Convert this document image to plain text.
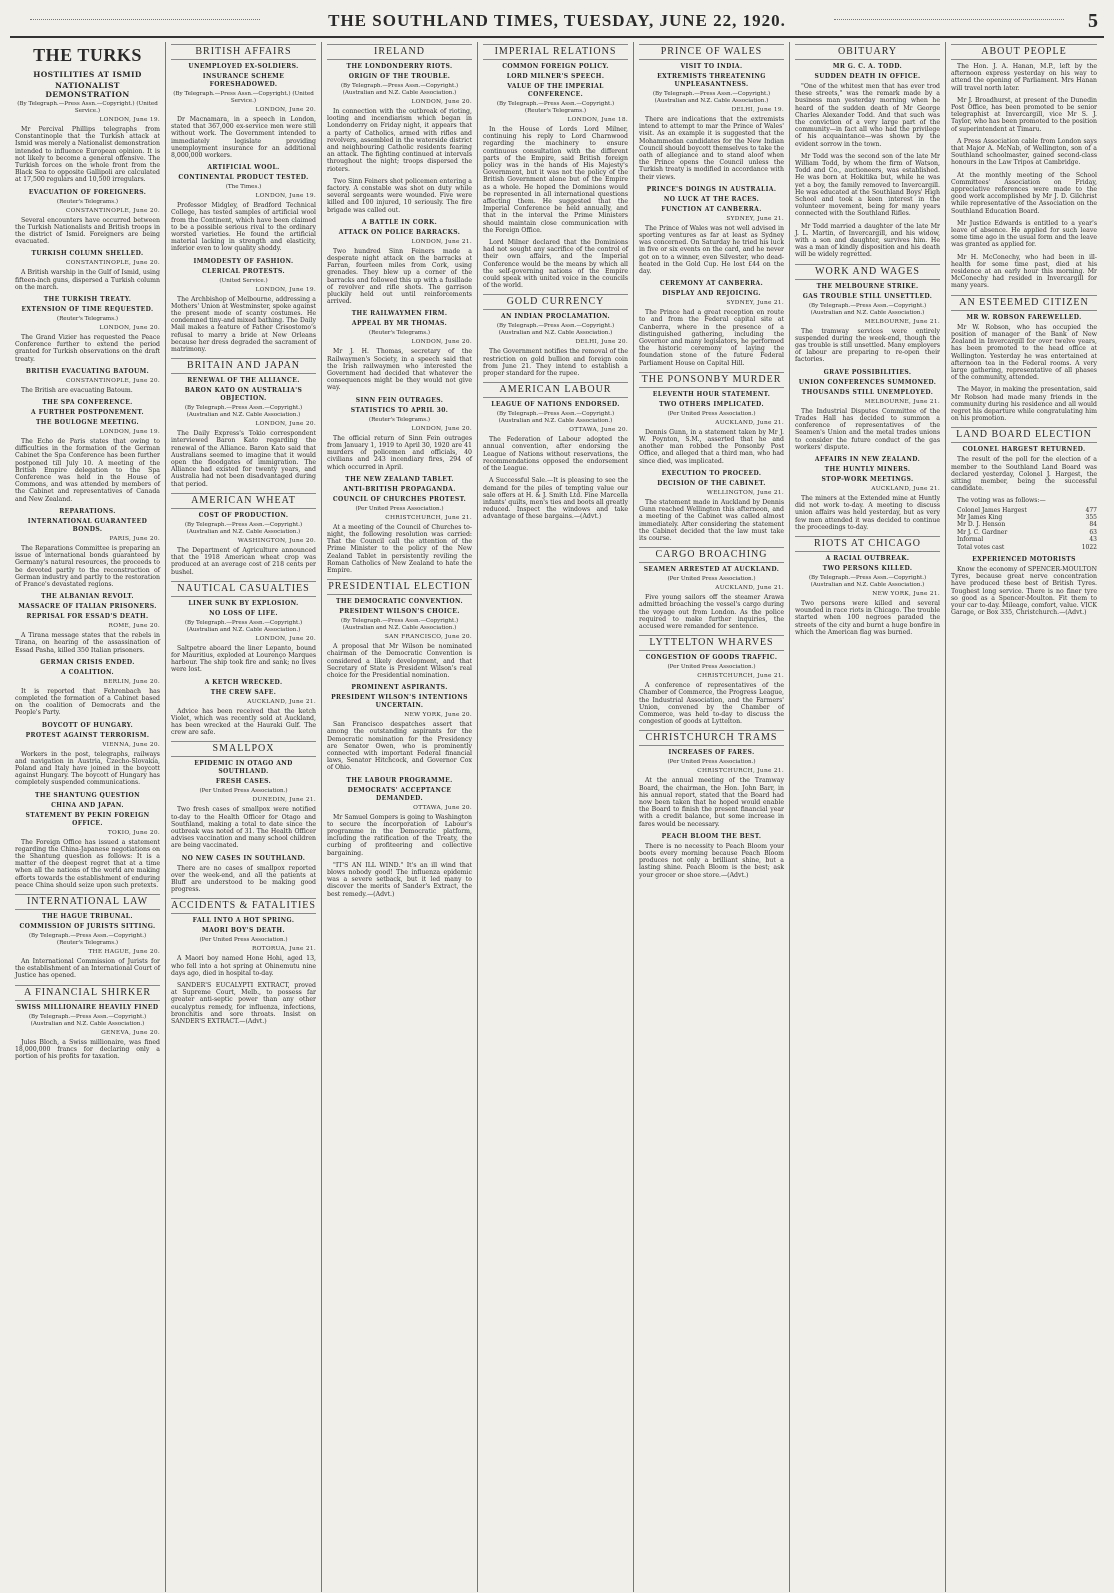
THE SOUTHLAND TIMES, TUESDAY, JUNE 22, 1920.	5
THE TURKS
HOSTILITIES AT ISMID
NATIONALIST DEMONSTRATION
(By Telegraph.—Press Assn.—Copyright.) (United Service.)
LONDON, June 19.

Mr Percival Phillips telegraphs from Constantinople that the Turkish attack at Ismid was merely a Nationalist demonstration intended to influence European opinion. It is not likely to become a general offensive. The Turkish forces on the whole front from the Black Sea to opposite Gallipoli are calculated at 17,500 regulars and 10,500 irregulars.

EVACUATION OF FOREIGNERS.
(Reuter's Telegrams.)
CONSTANTINOPLE, June 20.

Several encounters have occurred between the Turkish Nationalists and British troops in the district of Ismid. Foreigners are being evacuated.

TURKISH COLUMN SHELLED.
CONSTANTINOPLE, June 20.

A British warship in the Gulf of Ismid, using fifteen-inch guns, dispersed a Turkish column on the march.

THE TURKISH TREATY.
EXTENSION OF TIME REQUESTED.
(Reuter's Telegrams.)
LONDON, June 20.

The Grand Vizier has requested the Peace Conference further to extend the period granted for Turkish observations on the draft treaty.

BRITISH EVACUATING BATOUM.
CONSTANTINOPLE, June 20.

The British are evacuating Batoum.

THE SPA CONFERENCE.
A FURTHER POSTPONEMENT.
THE BOULOGNE MEETING.
LONDON, June 19.

The Echo de Paris states that owing to difficulties in the formation of the German Cabinet the Spa Conference has been further postponed till July 10. A meeting of the British Empire delegation to the Spa Conference was held in the House of Commons, and was attended by members of the Cabinet and representatives of Canada and New Zealand.

REPARATIONS.
INTERNATIONAL GUARANTEED BONDS.
PARIS, June 20.

The Reparations Committee is preparing an issue of international bonds guaranteed by Germany's natural resources, the proceeds to be devoted partly to the reconstruction of German industry and partly to the restoration of France's devastated regions.

THE ALBANIAN REVOLT.
MASSACRE OF ITALIAN PRISONERS.
REPRISAL FOR ESSAD'S DEATH.
ROME, June 20.

A Tirana message states that the rebels in Tirana, on hearing of the assassination of Essad Pasha, killed 350 Italian prisoners.

GERMAN CRISIS ENDED.
A COALITION.
BERLIN, June 20.

It is reported that Fehrenbach has completed the formation of a Cabinet based on the coalition of Democrats and the People's Party.

BOYCOTT OF HUNGARY.
PROTEST AGAINST TERRORISM.
VIENNA, June 20.

Workers in the post, telegraphs, railways and navigation in Austria, Czecho-Slovakia, Poland and Italy have joined in the boycott against Hungary. The boycott of Hungary has completely suspended communications.

THE SHANTUNG QUESTION
CHINA AND JAPAN.
STATEMENT BY PEKIN FOREIGN OFFICE.
TOKIO, June 20.

The Foreign Office has issued a statement regarding the China-Japanese negotiations on the Shantung question as follows: It is a matter of the deepest regret that at a time when all the nations of the world are making efforts towards the establishment of enduring peace China should seize upon such pretexts.

INTERNATIONAL LAW
THE HAGUE TRIBUNAL.
COMMISSION OF JURISTS SITTING.
(By Telegraph.—Press Assn.—Copyright.) (Reuter's Telegrams.)
THE HAGUE, June 20.

An International Commission of Jurists for the establishment of an International Court of Justice has opened.

A FINANCIAL SHIRKER
SWISS MILLIONAIRE HEAVILY FINED
(By Telegraph.—Press Assn.—Copyright.) (Australian and N.Z. Cable Association.)
GENEVA, June 20.

Jules Bloch, a Swiss millionaire, was fined 18,000,000 francs for declaring only a portion of his profits for taxation.

BRITISH AFFAIRS
UNEMPLOYED EX-SOLDIERS.
INSURANCE SCHEME FORESHADOWED.
(By Telegraph.—Press Assn.—Copyright.) (United Service.)
LONDON, June 20.

Dr Macnamara, in a speech in London, stated that 367,000 ex-service men were still without work. The Government intended to immediately legislate providing unemployment insurance for an additional 8,000,000 workers.

ARTIFICIAL WOOL.
CONTINENTAL PRODUCT TESTED.
(The Times.)
LONDON, June 19.

Professor Midgley, of Bradford Technical College, has tested samples of artificial wool from the Continent, which have been claimed to be a possible serious rival to the ordinary worsted varieties. He found the artificial material lacking in strength and elasticity, inferior even to low quality shoddy.

IMMODESTY OF FASHION.
CLERICAL PROTESTS.
(United Service.)
LONDON, June 19.

The Archbishop of Melbourne, addressing a Mothers' Union at Westminster, spoke against the present mode of scanty costumes. He condemned tiny-and mixed bathing. The Daily Mail makes a feature of Father Crisostomo's refusal to marry a bride at New Orleans because her dress degraded the sacrament of matrimony.

BRITAIN AND JAPAN
RENEWAL OF THE ALLIANCE.
BARON KATO ON AUSTRALIA'S OBJECTION.
(By Telegraph.—Press Assn.—Copyright.) (Australian and N.Z. Cable Association.)
LONDON, June 20.

The Daily Express's Tokio correspondent interviewed Baron Kato regarding the renewal of the Alliance. Baron Kato said that Australians seemed to imagine that it would open the floodgates of immigration. The Alliance had existed for twenty years, and Australia had not been disadvantaged during that period.

AMERICAN WHEAT
COST OF PRODUCTION.
(By Telegraph.—Press Assn.—Copyright.) (Australian and N.Z. Cable Association.)
WASHINGTON, June 20.

The Department of Agriculture announced that the 1918 American wheat crop was produced at an average cost of 218 cents per bushel.

NAUTICAL CASUALTIES
LINER SUNK BY EXPLOSION.
NO LOSS OF LIFE.
(By Telegraph.—Press Assn.—Copyright.) (Australian and N.Z. Cable Association.)
LONDON, June 20.

Saltpetre aboard the liner Lepanto, bound for Mauritius, exploded at Lourenço Marques harbour. The ship took fire and sank; no lives were lost.

A KETCH WRECKED.
THE CREW SAFE.
AUCKLAND, June 21.

Advice has been received that the ketch Violet, which was recently sold at Auckland, has been wrecked at the Hauraki Gulf. The crew are safe.

SMALLPOX
EPIDEMIC IN OTAGO AND SOUTHLAND.
FRESH CASES.
(Per United Press Association.)
DUNEDIN, June 21.

Two fresh cases of smallpox were notified to-day to the Health Officer for Otago and Southland, making a total to date since the outbreak was noted of 31. The Health Officer advises vaccination and many school children are being vaccinated.

NO NEW CASES IN SOUTHLAND.

There are no cases of smallpox reported over the week-end, and all the patients at Bluff are understood to be making good progress.

ACCIDENTS & FATALITIES
FALL INTO A HOT SPRING.
MAORI BOY'S DEATH.
(Per United Press Association.)
ROTORUA, June 21.

A Maori boy named Hone Hohi, aged 13, who fell into a hot spring at Ohinemutu nine days ago, died in hospital to-day.

SANDER'S EUCALYPTI EXTRACT, proved at Supreme Court, Melb., to possess far greater anti-septic power than any other eucalyptus remedy, for influenza, infections, bronchitis and sore throats. Insist on SANDER'S EXTRACT.—(Advt.)

IRELAND
THE LONDONDERRY RIOTS.
ORIGIN OF THE TROUBLE.
(By Telegraph.—Press Assn.—Copyright.) (Australian and N.Z. Cable Association.)
LONDON, June 20.

In connection with the outbreak of rioting, looting and incendiarism which began in Londonderry on Friday night, it appears that a party of Catholics, armed with rifles and revolvers, assembled in the waterside district and neighbouring Catholic residents fearing an attack. The fighting continued at intervals throughout the night; troops dispersed the rioters.

Two Sinn Feiners shot policemen entering a factory. A constable was shot on duty while several sergeants were wounded. Five were killed and 100 injured, 10 seriously. The fire brigade was called out.

A BATTLE IN CORK.
ATTACK ON POLICE BARRACKS.
LONDON, June 21.

Two hundred Sinn Feiners made a desperate night attack on the barracks at Farran, fourteen miles from Cork, using grenades. They blew up a corner of the barracks and followed this up with a fusillade of revolver and rifle shots. The garrison pluckily held out until reinforcements arrived.

THE RAILWAYMEN FIRM.
APPEAL BY MR THOMAS.
(Reuter's Telegrams.)
LONDON, June 20.

Mr J. H. Thomas, secretary of the Railwaymen's Society, in a speech said that the Irish railwaymen who interested the Government had decided that whatever the consequences might be they would not give way.

SINN FEIN OUTRAGES.
STATISTICS TO APRIL 30.
(Reuter's Telegrams.)
LONDON, June 20.

The official return of Sinn Fein outrages from January 1, 1919 to April 30, 1920 are 41 murders of policemen and officials, 40 civilians and 243 incendiary fires, 294 of which occurred in April.

THE NEW ZEALAND TABLET.
ANTI-BRITISH PROPAGANDA.
COUNCIL OF CHURCHES PROTEST.
(Per United Press Association.)
CHRISTCHURCH, June 21.

At a meeting of the Council of Churches to-night, the following resolution was carried: That the Council call the attention of the Prime Minister to the policy of the New Zealand Tablet in persistently reviling the Roman Catholics of New Zealand to hate the Empire.

PRESIDENTIAL ELECTION
THE DEMOCRATIC CONVENTION.
PRESIDENT WILSON'S CHOICE.
(By Telegraph.—Press Assn.—Copyright.) (Australian and N.Z. Cable Association.)
SAN FRANCISCO, June 20.

A proposal that Mr Wilson be nominated chairman of the Democratic Convention is considered a likely development, and that Secretary of State is President Wilson's real choice for the Presidential nomination.

PROMINENT ASPIRANTS.
PRESIDENT WILSON'S INTENTIONS UNCERTAIN.
NEW YORK, June 20.

San Francisco despatches assert that among the outstanding aspirants for the Democratic nomination for the Presidency are Senator Owen, who is prominently connected with important Federal financial laws, Senator Hitchcock, and Governor Cox of Ohio.

THE LABOUR PROGRAMME.
DEMOCRATS' ACCEPTANCE DEMANDED.
OTTAWA, June 20.

Mr Samuel Gompers is going to Washington to secure the incorporation of Labour's programme in the Democratic platform, including the ratification of the Treaty, the curbing of profiteering and collective bargaining.

"IT'S AN ILL WIND." It's an ill wind that blows nobody good! The influenza epidemic was a severe setback, but it led many to discover the merits of Sander's Extract, the best remedy.—(Advt.)

IMPERIAL RELATIONS
COMMON FOREIGN POLICY.
LORD MILNER'S SPEECH.
VALUE OF THE IMPERIAL CONFERENCE.
(By Telegraph.—Press Assn.—Copyright.) (Reuter's Telegrams.)
LONDON, June 18.

In the House of Lords Lord Milner, continuing his reply to Lord Charnwood regarding the machinery to ensure continuous consultation with the different parts of the Empire, said British foreign policy was in the hands of His Majesty's Government, but it was not the policy of the British Government alone but of the Empire as a whole. He hoped the Dominions would be represented in all international questions affecting them. He suggested that the Imperial Conference be held annually, and that in the interval the Prime Ministers should maintain close communication with the Foreign Office.

Lord Milner declared that the Dominions had not sought any sacrifice of the control of their own affairs, and the Imperial Conference would be the means by which all the self-governing nations of the Empire could speak with united voice in the councils of the world.

GOLD CURRENCY
AN INDIAN PROCLAMATION.
(By Telegraph.—Press Assn.—Copyright.) (Australian and N.Z. Cable Association.)
DELHI, June 20.

The Government notifies the removal of the restriction on gold bullion and foreign coin from June 21. They intend to establish a proper standard for the rupee.

AMERICAN LABOUR
LEAGUE OF NATIONS ENDORSED.
(By Telegraph.—Press Assn.—Copyright.) (Australian and N.Z. Cable Association.)
OTTAWA, June 20.

The Federation of Labour adopted the annual convention, after endorsing the League of Nations without reservations, the recommendations opposed the endorsement of the League.

A Successful Sale.—It is pleasing to see the demand for the piles of tempting value our sale offers at H. & J. Smith Ltd. Fine Marcella infants' quilts, men's ties and boots all greatly reduced. Inspect the windows and take advantage of these bargains.—(Advt.)

PRINCE OF WALES
VISIT TO INDIA.
EXTREMISTS THREATENING UNPLEASANTNESS.
(By Telegraph.—Press Assn.—Copyright.) (Australian and N.Z. Cable Association.)
DELHI, June 19.

There are indications that the extremists intend to attempt to mar the Prince of Wales' visit. As an example it is suggested that the Mohammedan candidates for the New Indian Council should boycott themselves to take the oath of allegiance and to stand aloof when the Prince opens the Council unless the Turkish treaty is modified in accordance with their views.

PRINCE'S DOINGS IN AUSTRALIA.
NO LUCK AT THE RACES.
FUNCTION AT CANBERRA.
SYDNEY, June 21.

The Prince of Wales was not well advised in sporting ventures as far at least as Sydney was concerned. On Saturday he tried his luck in five or six events on the card, and he never got on to a winner, even Silvester, who dead-heated in the Gold Cup. He lost £44 on the day.

CEREMONY AT CANBERRA.
DISPLAY AND REJOICING.
SYDNEY, June 21.

The Prince had a great reception en route to and from the Federal capital site at Canberra, where in the presence of a distinguished gathering, including the Governor and many legislators, he performed the historic ceremony of laying the foundation stone of the future Federal Parliament House on Capital Hill.

THE PONSONBY MURDER
ELEVENTH HOUR STATEMENT.
TWO OTHERS IMPLICATED.
(Per United Press Association.)
AUCKLAND, June 21.

Dennis Gunn, in a statement taken by Mr J. W. Poynton, S.M., asserted that he and another man robbed the Ponsonby Post Office, and alleged that a third man, who had since died, was implicated.

EXECUTION TO PROCEED.
DECISION OF THE CABINET.
WELLINGTON, June 21.

The statement made in Auckland by Dennis Gunn reached Wellington this afternoon, and a meeting of the Cabinet was called almost immediately. After considering the statement the Cabinet decided that the law must take its course.

CARGO BROACHING
SEAMEN ARRESTED AT AUCKLAND.
(Per United Press Association.)
AUCKLAND, June 21.

Five young sailors off the steamer Arawa admitted broaching the vessel's cargo during the voyage out from London. As the police required to make further inquiries, the accused were remanded for sentence.

LYTTELTON WHARVES
CONGESTION OF GOODS TRAFFIC.
(Per United Press Association.)
CHRISTCHURCH, June 21.

A conference of representatives of the Chamber of Commerce, the Progress League, the Industrial Association, and the Farmers' Union, convened by the Chamber of Commerce, was held to-day to discuss the congestion of goods at Lyttelton.

CHRISTCHURCH TRAMS
INCREASES OF FARES.
(Per United Press Association.)
CHRISTCHURCH, June 21.

At the annual meeting of the Tramway Board, the chairman, the Hon. John Barr, in his annual report, stated that the Board had now been taken that he hoped would enable the Board to finish the present financial year with a credit balance, but some increase in fares would be necessary.

PEACH BLOOM THE BEST.

There is no necessity to Peach Bloom your boots every morning because Peach Bloom produces not only a brilliant shine, but a lasting shine. Peach Bloom is the best; ask your grocer or shoe store.—(Advt.)

OBITUARY
MR G. C. A. TODD.
SUDDEN DEATH IN OFFICE.

"One of the whitest men that has ever trod these streets," was the remark made by a business man yesterday morning when he heard of the sudden death of Mr George Charles Alexander Todd. And that such was the conviction of a very large part of the community—in fact all who had the privilege of his acquaintance—was shown by the evident sorrow in the town.

Mr Todd was the second son of the late Mr William Todd, by whom the firm of Watson, Todd and Co., auctioneers, was established. He was born at Hokitika but, while he was yet a boy, the family removed to Invercargill. He was educated at the Southland Boys' High School and took a keen interest in the volunteer movement, being for many years connected with the Southland Rifles.

Mr Todd married a daughter of the late Mr J. L. Martin, of Invercargill, and his widow, with a son and daughter, survives him. He was a man of kindly disposition and his death will be widely regretted.

WORK AND WAGES
THE MELBOURNE STRIKE.
GAS TROUBLE STILL UNSETTLED.
(By Telegraph.—Press Assn.—Copyright.) (Australian and N.Z. Cable Association.)
MELBOURNE, June 21.

The tramway services were entirely suspended during the week-end, though the gas trouble is still unsettled. Many employers of labour are preparing to re-open their factories.

GRAVE POSSIBILITIES.
UNION CONFERENCES SUMMONED.
THOUSANDS STILL UNEMPLOYED.
MELBOURNE, June 21.

The Industrial Disputes Committee of the Trades Hall has decided to summon a conference of representatives of the Seamen's Union and the metal trades unions to consider the future conduct of the gas workers' dispute.

AFFAIRS IN NEW ZEALAND.
THE HUNTLY MINERS.
STOP-WORK MEETINGS.
AUCKLAND, June 21.

The miners at the Extended mine at Huntly did not work to-day. A meeting to discuss union affairs was held yesterday, but as very few men attended it was decided to continue the proceedings to-day.

RIOTS AT CHICAGO
A RACIAL OUTBREAK.
TWO PERSONS KILLED.
(By Telegraph.—Press Assn.—Copyright.) (Australian and N.Z. Cable Association.)
NEW YORK, June 21.

Two persons were killed and several wounded in race riots in Chicago. The trouble started when 100 negroes paraded the streets of the city and burnt a huge bonfire in which the American flag was burned.

ABOUT PEOPLE

The Hon. J. A. Hanan, M.P., left by the afternoon express yesterday on his way to attend the opening of Parliament. Mrs Hanan will travel north later.

Mr J. Broadhurst, at present of the Dunedin Post Office, has been promoted to be senior telegraphist at Invercargill, vice Mr S. J. Taylor, who has been promoted to the position of superintendent at Timaru.

A Press Association cable from London says that Major A. McNab, of Wellington, son of a Southland schoolmaster, gained second-class honours in the Law Tripos at Cambridge.

At the monthly meeting of the School Committees' Association on Friday, appreciative references were made to the good work accomplished by Mr J. D. Gilchrist while representative of the Association on the Southland Education Board.

Mr Justice Edwards is entitled to a year's leave of absence. He applied for such leave some time ago in the usual form and the leave was granted as applied for.

Mr H. McConechy, who had been in ill-health for some time past, died at his residence at an early hour this morning. Mr McConechy had resided in Invercargill for many years.

AN ESTEEMED CITIZEN
MR W. ROBSON FAREWELLED.

Mr W. Robson, who has occupied the position of manager of the Bank of New Zealand in Invercargill for over twelve years, has been promoted to the head office at Wellington. Yesterday he was entertained at afternoon tea in the Federal rooms. A very large gathering, representative of all phases of the community, attended.

The Mayor, in making the presentation, said Mr Robson had made many friends in the community during his residence and all would regret his departure while congratulating him on his promotion.

LAND BOARD ELECTION
COLONEL HARGEST RETURNED.

The result of the poll for the election of a member to the Southland Land Board was declared yesterday, Colonel J. Hargest, the sitting member, being the successful candidate.

The voting was as follows:—

Colonel James Hargest	477
Mr James King	355
Mr D. J. Henson	84
Mr J. C. Gardner	63
Informal	43
Total votes cast	1022
EXPERIENCED MOTORISTS

Know the economy of SPENCER-MOULTON Tyres, because great nerve concentration have produced these best of British Tyres. Toughest long service. There is no finer tyre so good as a Spencer-Moulton. Fit them to your car to-day. Mileage, comfort, value. VICK Garage, or Box 335, Christchurch.—(Advt.)
